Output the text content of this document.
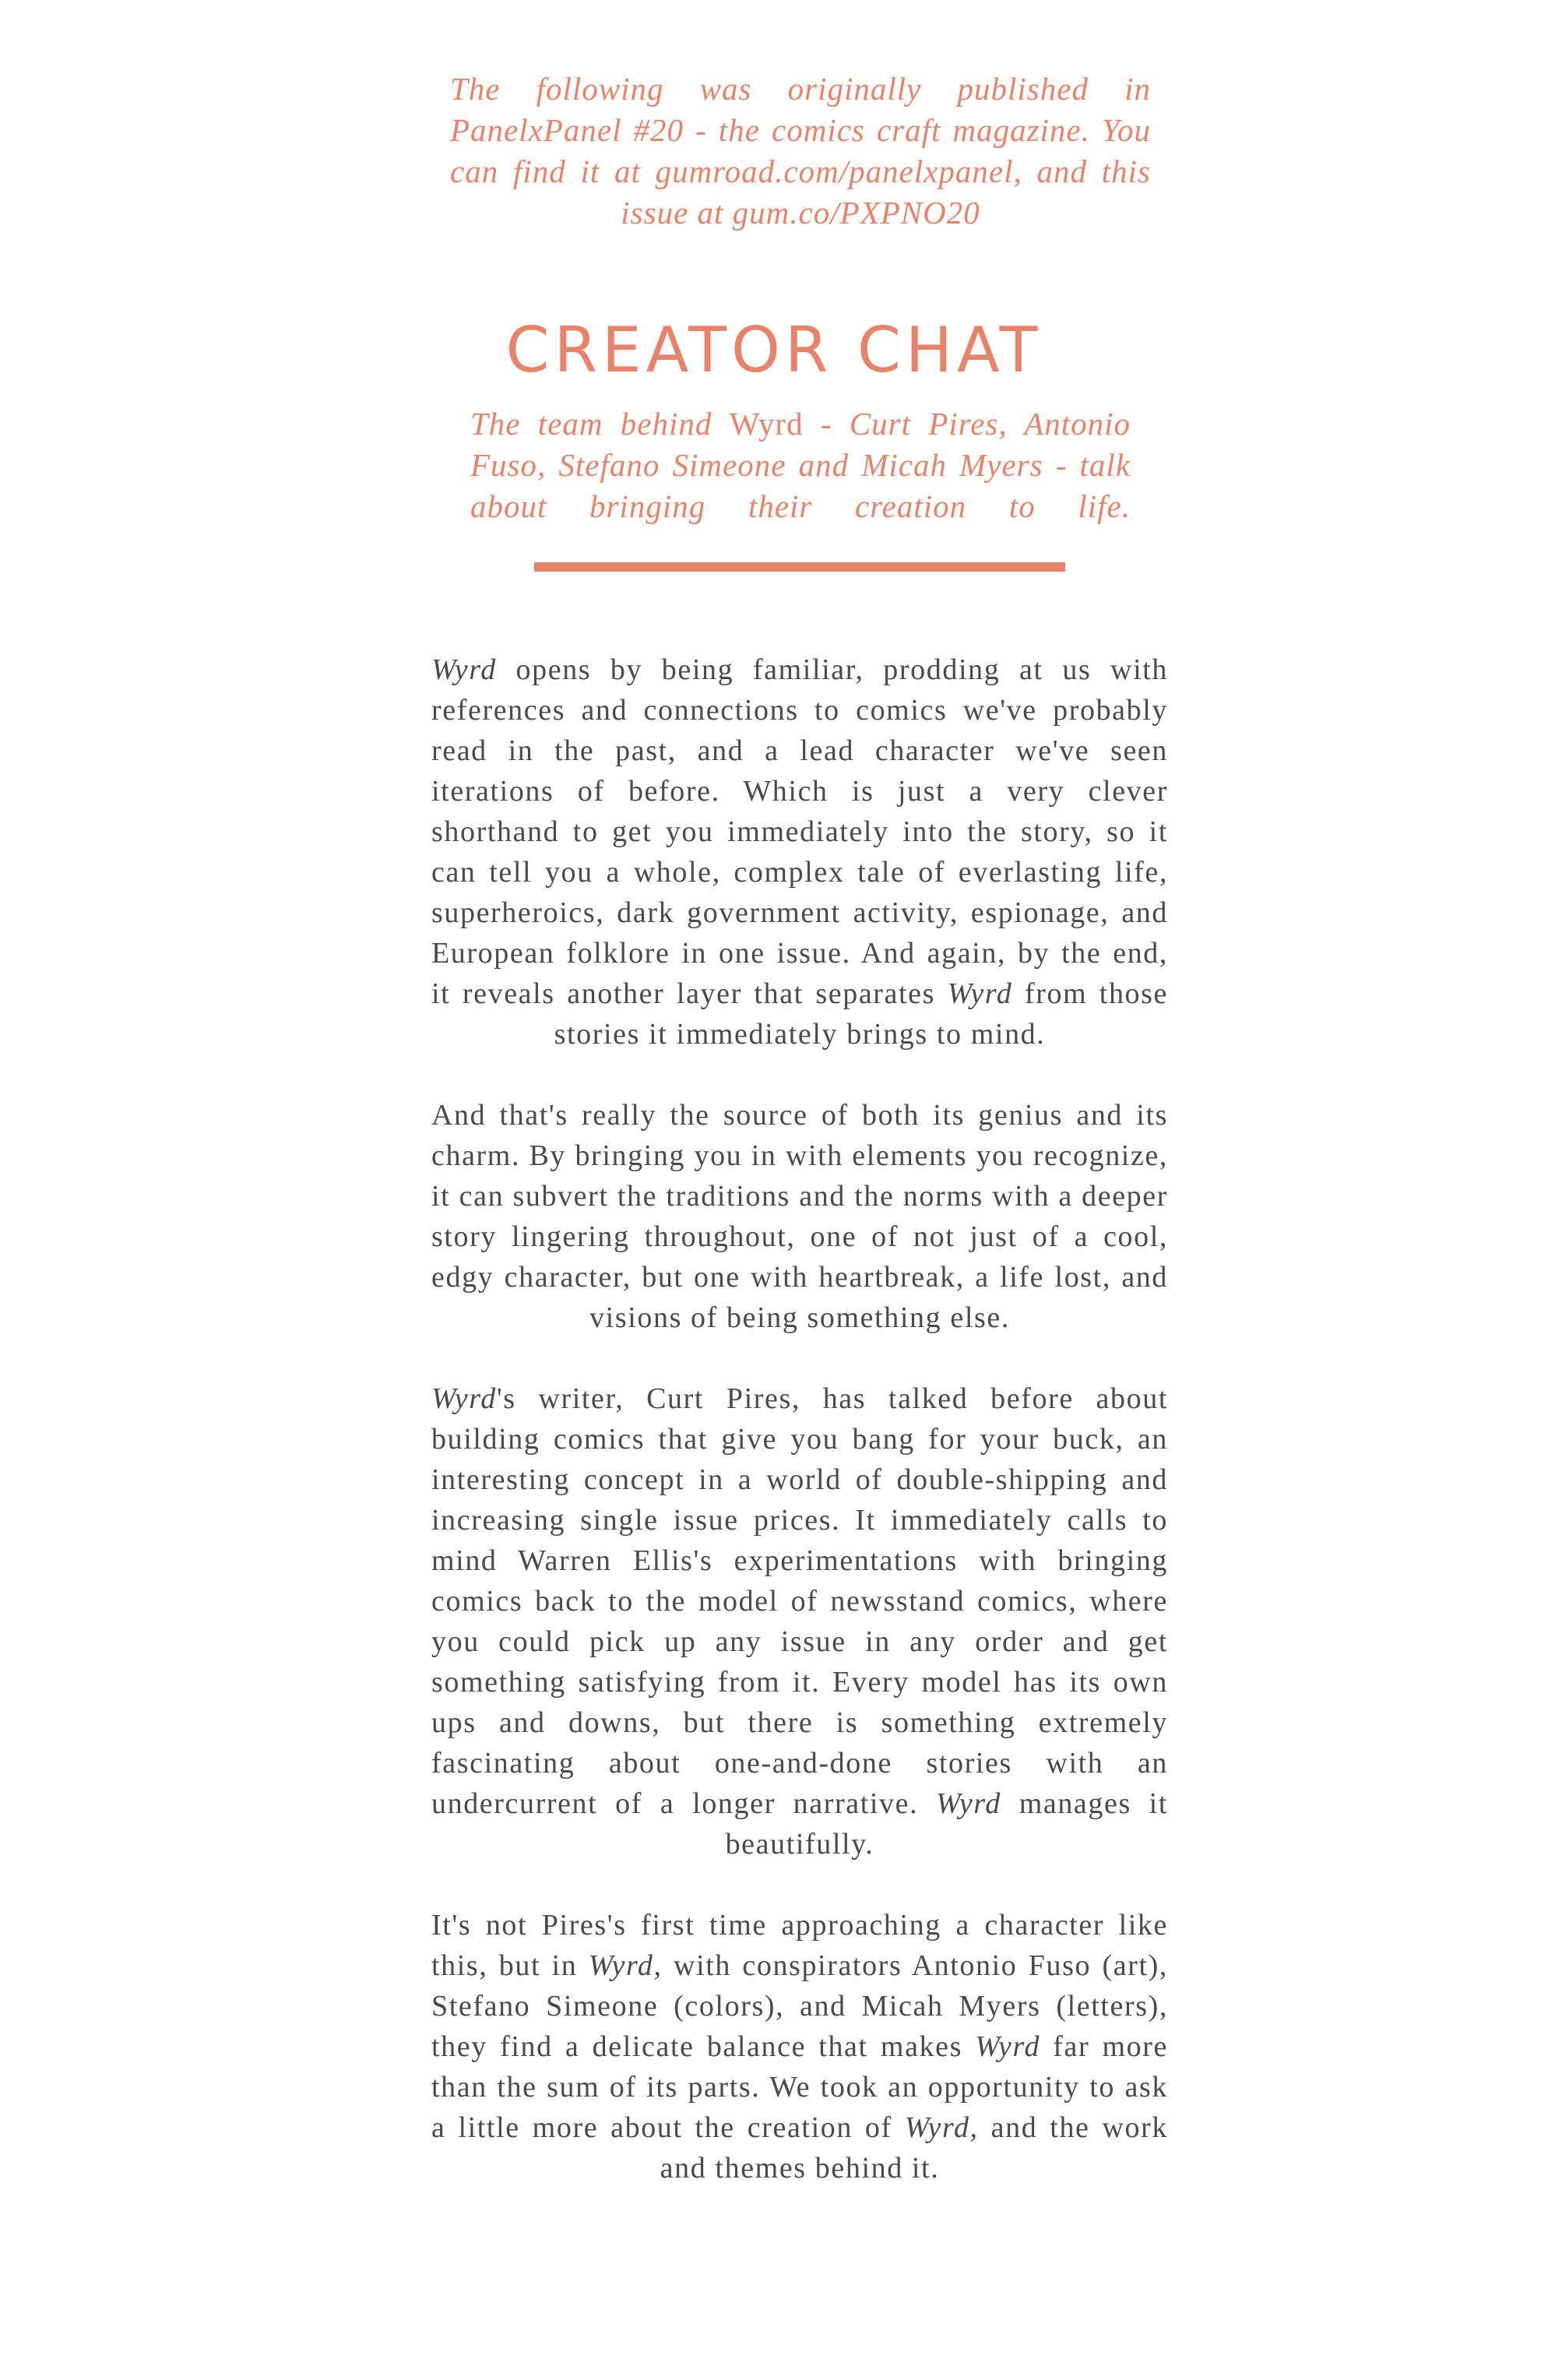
The following was originally published in PanelxPanel #20 - the comics craft magazine. You can find it at gumroad.com/panelxpanel, and this issue at gum.co/PXPNO20
CREATOR CHAT
The team behind Wyrd - Curt Pires, Antonio Fuso, Stefano Simeone and Micah Myers - talk about bringing their creation to life.

Wyrd opens by being familiar, prodding at us with references and connections to comics we've probably read in the past, and a lead character we've seen iterations of before. Which is just a very clever shorthand to get you immediately into the story, so it can tell you a whole, complex tale of everlasting life, superheroics, dark government activity, espionage, and European folklore in one issue. And again, by the end, it reveals another layer that separates Wyrd from those stories it immediately brings to mind.

And that's really the source of both its genius and its charm. By bringing you in with elements you recognize, it can subvert the traditions and the norms with a deeper story lingering throughout, one of not just of a cool, edgy character, but one with heartbreak, a life lost, and visions of being something else.

Wyrd's writer, Curt Pires, has talked before about building comics that give you bang for your buck, an interesting concept in a world of double-shipping and increasing single issue prices. It immediately calls to mind Warren Ellis's experimentations with bringing comics back to the model of newsstand comics, where you could pick up any issue in any order and get something satisfying from it. Every model has its own ups and downs, but there is something extremely fascinating about one-and-done stories with an undercurrent of a longer narrative. Wyrd manages it beautifully.

It's not Pires's first time approaching a character like this, but in Wyrd, with conspirators Antonio Fuso (art), Stefano Simeone (colors), and Micah Myers (letters), they find a delicate balance that makes Wyrd far more than the sum of its parts. We took an opportunity to ask a little more about the creation of Wyrd, and the work and themes behind it.
